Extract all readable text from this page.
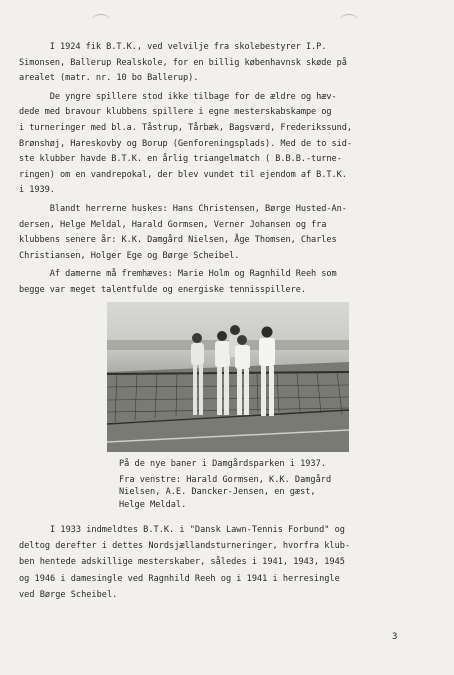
I 1924 fik B.T.K., ved velvilje fra skolebestyrer I.P.

Simonsen, Ballerup Realskole, for en billig københavnsk skøde på

arealet (matr. nr. 10 bo Ballerup).

De yngre spillere stod ikke tilbage for de ældre og hæv-

dede med bravour klubbens spillere i egne mesterskabskampe og

i turneringer med bl.a. Tåstrup, Tårbæk, Bagsværd, Frederikssund,

Brønshøj, Hareskovby og Borup (Genforeningsplads). Med de to sid-

ste klubber havde B.T.K. en årlig triangelmatch ( B.B.B.-turne-

ringen) om en vandrepokal, der blev vundet til ejendom af B.T.K.

i 1939.

Blandt herrerne huskes: Hans Christensen, Børge Husted-An-

dersen, Helge Meldal, Harald Gormsen, Verner Johansen og fra

klubbens senere år: K.K. Damgård Nielsen, Åge Thomsen, Charles

Christiansen, Holger Ege og Børge Scheibel.

Af damerne må fremhæves: Marie Holm og Ragnhild Reeh som

begge var meget talentfulde og energiske tennisspillere.

På de nye baner i Damgårdsparken i 1937.

Fra venstre: Harald Gormsen, K.K. Damgård

Nielsen, A.E. Dancker-Jensen, en gæst,

Helge Meldal.

I 1933 indmeldtes B.T.K. i "Dansk Lawn-Tennis Forbund" og

deltog derefter i dettes Nordsjællandsturneringer, hvorfra klub-

ben hentede adskillige mesterskaber, således i 1941, 1943, 1945

og 1946 i damesingle ved Ragnhild Reeh og i 1941 i herresingle

ved Børge Scheibel.

3
